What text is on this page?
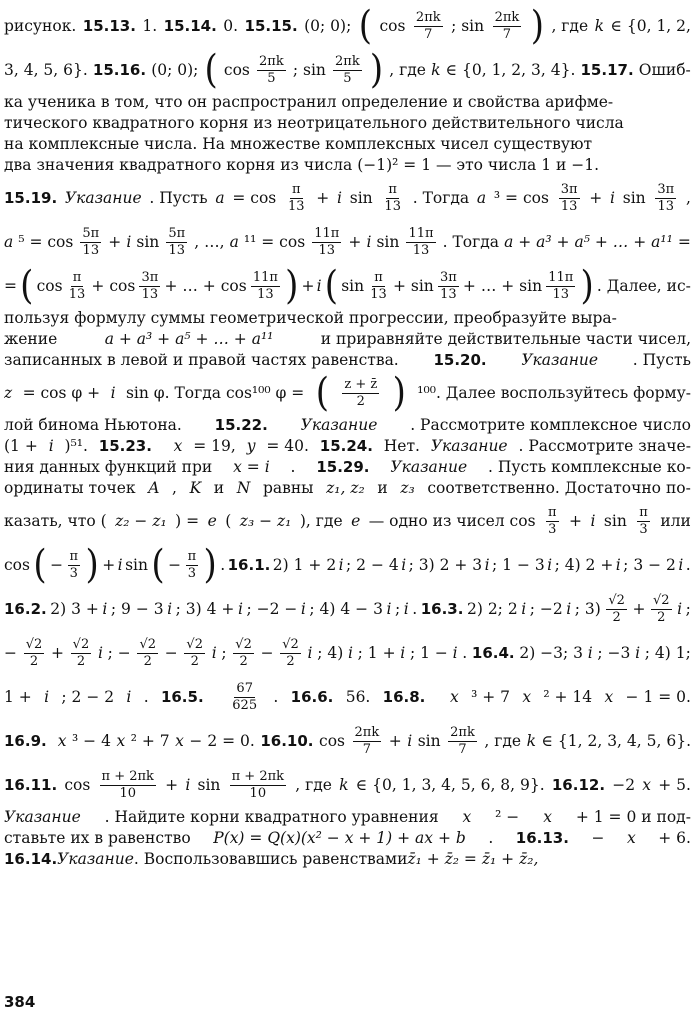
рисунок. 15.13. 1. 15.14. 0. 15.15. (0; 0); ( $\cos \frac{2\pi k}{7}$ ; $\sin \frac{2\pi k}{7}$ ) , где k ∈ {0, 1, 2,
3, 4, 5, 6}. 15.16. (0; 0); ( $\cos \frac{2\pi k}{5}$ ; $\sin \frac{2\pi k}{5}$ ) , где k ∈ {0, 1, 2, 3, 4}. 15.17. Ошиб-
ка ученика в том, что он распространил определение и свойства арифме-
тического квадратного корня из неотрицательного действительного числа
на комплексные числа. На множестве комплексных чисел существуют
два значения квадратного корня из числа (−1)² = 1 — это числа 1 и −1.
15.19. Указание . Пусть $a = \cos \frac{\pi}{13} + i$ $\sin \frac{\pi}{13}$ . Тогда a $^3 = \cos \frac{3\pi}{13} + i$ $\sin \frac{3\pi}{13}$ ,
a $^5 = \cos \frac{5\pi}{13} + i$ $\sin \frac{5\pi}{13}$ , …, a $^{11} = \cos \frac{11\pi}{13} + i$ $\sin \frac{11\pi}{13}$ . Тогда a + a³ + a⁵ + … + a¹¹ =
= ( $\cos \frac{\pi}{13} + \cos \frac{3\pi}{13}$ + … + $\cos \frac{11\pi}{13}$ ) + i ( $\sin \frac{\pi}{13} + \sin \frac{3\pi}{13}$ + … + $\sin \frac{11\pi}{13}$ ) . Далее, ис-
пользуя формулу суммы геометрической прогрессии, преобразуйте выра-
жение	a + a³ + a⁵ + … + a¹¹	и приравняйте действительные части чисел,
записанных в левой и правой частях равенства. 15.20. Указание . Пусть
z = cos φ + i sin φ. Тогда cos¹⁰⁰ φ = ( $\frac{z + z̄}{2}$ ) ¹⁰⁰. Далее воспользуйтесь форму-
лой бинома Ньютона. 15.22. Указание . Рассмотрите комплексное число
(1 + i )⁵¹. 15.23. x = 19, y = 40. 15.24. Нет. Указание . Рассмотрите значе-
ния данных функций при x = i . 15.29. Указание . Пусть комплексные ко-
ординаты точек A , K и N равны z₁, z₂ и z₃ соответственно. Достаточно по-
казать, что ( z₂ − z₁ ) = e ( z₃ − z₁ ), где e — одно из чисел $\cos \frac{\pi}{3} + i$ $\sin \frac{\pi}{3}$ или
cos ( − $\frac{\pi}{3}$ ) + i sin ( − $\frac{\pi}{3}$ ) . 16.1. 2) 1 + 2 i ; 2 − 4 i ; 3) 2 + 3 i ; 1 − 3 i ; 4) 2 + i ; 3 − 2 i .
16.2. 2) 3 + i ; 9 − 3 i ; 3) 4 + i ; −2 − i ; 4) 4 − 3 i ; i . 16.3. 2) 2; 2 i ; −2 i ; $3) \frac{√2}{2} + \frac{√2}{2}$ i ;
− $\frac{√2}{2} + \frac{√2}{2}$ i ; − $\frac{√2}{2} - \frac{√2}{2}$ i ; $\frac{√2}{2} - \frac{√2}{2}$ i ; 4) i ; 1 + i ; 1 − i . 16.4. 2) −3; 3 i ; −3 i ; 4) 1;
1 + i ; 2 − 2 i . 16.5. $\frac{67}{625}$ . 16.6. 56. 16.8. x ³ + 7 x ² + 14 x − 1 = 0.
16.9. x ³ − 4 x ² + 7 x − 2 = 0. 16.10. $\cos \frac{2\pi k}{7} + i$ $\sin \frac{2\pi k}{7}$ , где k ∈ {1, 2, 3, 4, 5, 6}.
16.11. $\cos \frac{\pi + 2\pi k}{10} + i$ $\sin \frac{\pi + 2\pi k}{10}$ , где k ∈ {0, 1, 3, 4, 5, 6, 8, 9}. 16.12. −2 x + 5.
Указание . Найдите корни квадратного уравнения x ² − x + 1 = 0 и под-
ставьте их в равенство P(x) = Q(x)(x² − x + 1) + ax + b . 16.13. − x + 6.
16.14. Указание . Воспользовавшись равенствами z̄₁ + z̄₂ = z̄₁ + z̄₂,
384
